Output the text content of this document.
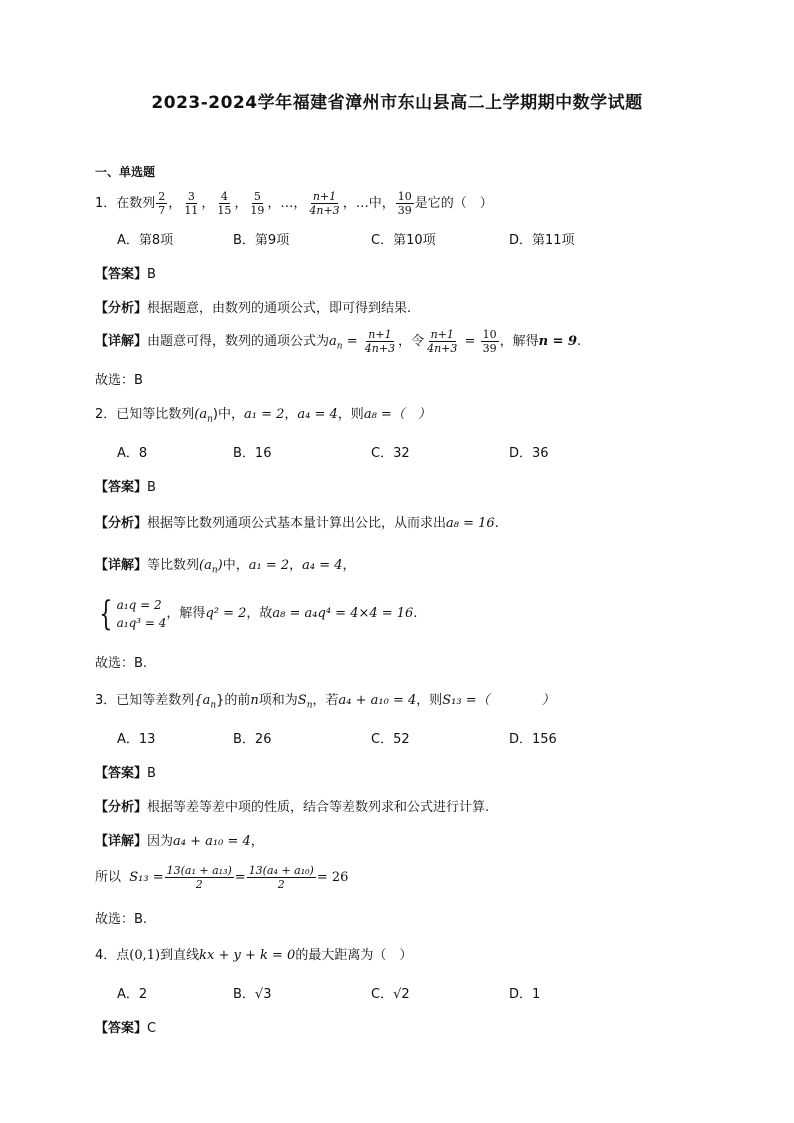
2023-2024学年福建省漳州市东山县高二上学期期中数学试题
一、单选题
1．在数列 $\frac{2}{7}$ ， $\frac{3}{11}$ ， $\frac{4}{15}$ ， $\frac{5}{19}$ ，…， $\frac{n+1}{4n+3}$ ，…中， $\frac{10}{39}$ 是它的（　）
A．第8项	B．第9项	C．第10项	D．第11项
【答案】B
【分析】根据题意，由数列的通项公式，即可得到结果.
【详解】由题意可得，数列的通项公式为$a_n = \frac{n+1}{4n+3}$ ，令 $\frac{n+1}{4n+3} = \frac{10}{39}$ ，解得n = 9.
故选：B
2．已知等比数列$(a_n)$中，a₁ = 2，a₄ = 4，则a₈ =（　）
A．8	B．16	C．32	D．36
【答案】B
【分析】根据等比数列通项公式基本量计算出公比，从而求出a₈ = 16.
【详解】等比数列$(a_n)$中，a₁ = 2，a₄ = 4，
{ a₁q = 2
a₁q³ = 4
，解得q² = 2，故a₈ = a₄q⁴ = 4×4 = 16.
故选：B.
3．已知等差数列$\{a_n\}$的前n项和为$S_n$，若a₄ + a₁₀ = 4，则S₁₃ =（　　　　）
A．13	B．26	C．52	D．156
【答案】B
【分析】根据等差等差中项的性质，结合等差数列求和公式进行计算.
【详解】因为a₄ + a₁₀ = 4，
所以 $S_{13} = \frac{\text{13(a₁ + a₁₃)}}{2} = \frac{\text{13(a₄ + a₁₀)}}{2} = 26$
故选：B.
4．点(0,1)到直线kx + y + k = 0的最大距离为（　）
A．2	B．√3	C．√2	D．1
【答案】C
